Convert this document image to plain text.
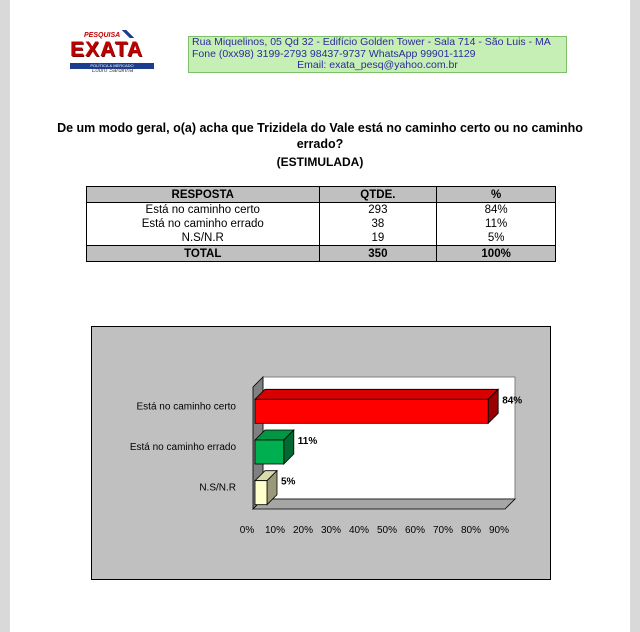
PESQUISA
EXATA
POLÍTICA & MERCADO
Louro Sardinha
Rua Miquelinos, 05 Qd 32 - Edifício Golden Tower - Sala 714 - São Luis - MA
Fone (0xx98) 3199-2793 98437-9737 WhatsApp 99901-1129
Email: exata_pesq@yahoo.com.br
De um modo geral, o(a) acha que Trizidela do Vale está no caminho certo ou no caminho errado?
(ESTIMULADA)
RESPOSTA	QTDE.	%
Está no caminho certo	293	84%
Está no caminho errado	38	11%
N.S/N.R	19	5%
TOTAL	350	100%
84%
Está no caminho certo
11%
Está no caminho errado
5%
N.S/N.R
0% 10% 20% 30% 40% 50% 60% 70% 80% 90%
